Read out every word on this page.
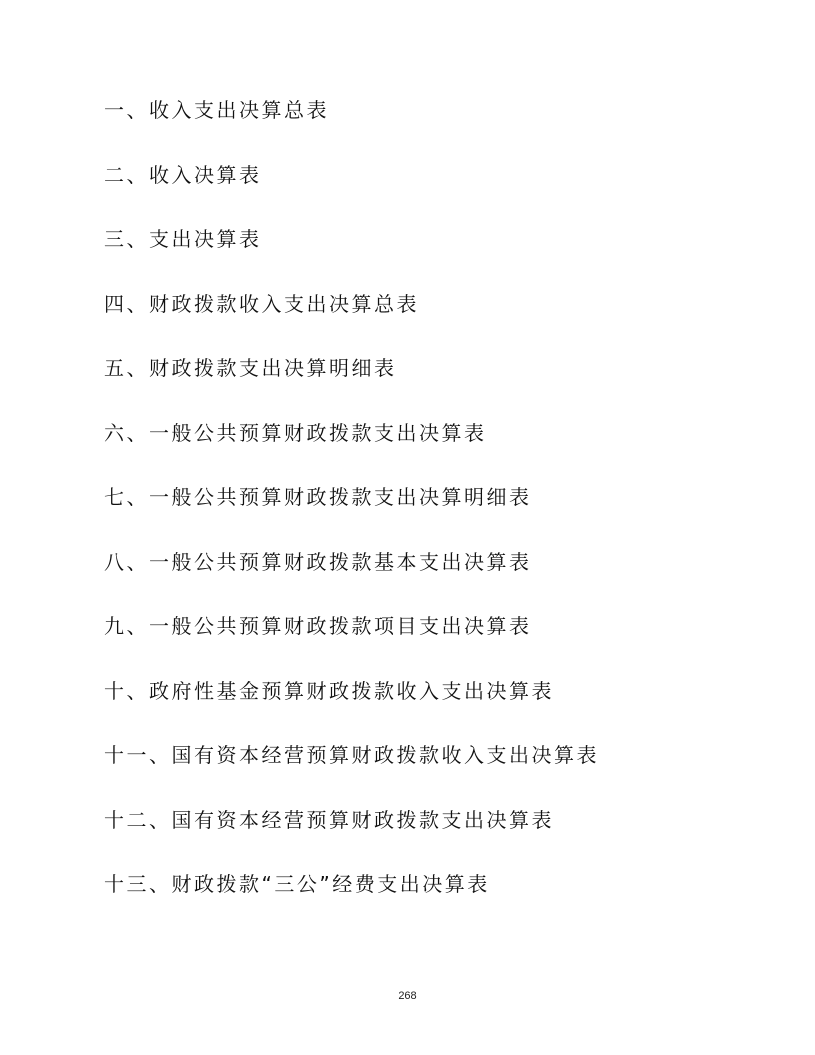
一、收入支出决算总表
二、收入决算表
三、支出决算表
四、财政拨款收入支出决算总表
五、财政拨款支出决算明细表
六、一般公共预算财政拨款支出决算表
七、一般公共预算财政拨款支出决算明细表
八、一般公共预算财政拨款基本支出决算表
九、一般公共预算财政拨款项目支出决算表
十、政府性基金预算财政拨款收入支出决算表
十一、国有资本经营预算财政拨款收入支出决算表
十二、国有资本经营预算财政拨款支出决算表
十三、财政拨款“三公”经费支出决算表
268
